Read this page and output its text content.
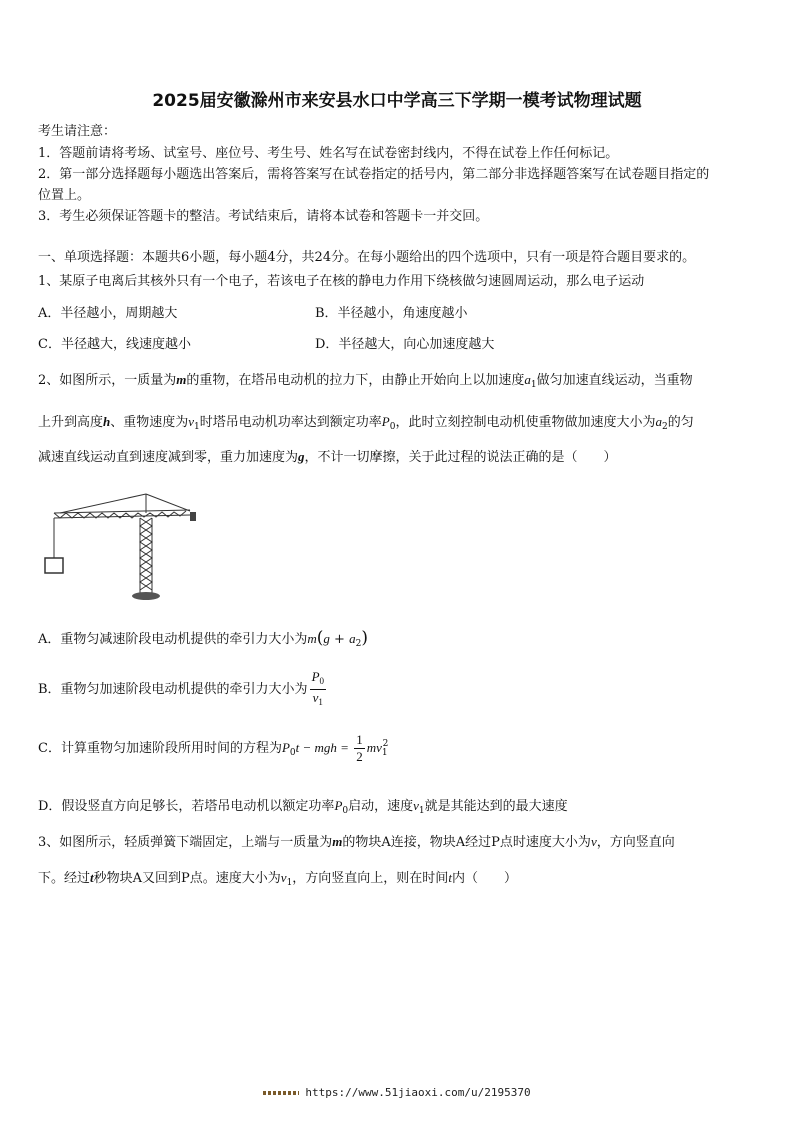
2025届安徽滁州市来安县水口中学高三下学期一模考试物理试题
考生请注意：
1．答题前请将考场、试室号、座位号、考生号、姓名写在试卷密封线内，不得在试卷上作任何标记。
2．第一部分选择题每小题选出答案后，需将答案写在试卷指定的括号内，第二部分非选择题答案写在试卷题目指定的
位置上。
3．考生必须保证答题卡的整洁。考试结束后，请将本试卷和答题卡一并交回。
一、单项选择题：本题共6小题，每小题4分，共24分。在每小题给出的四个选项中，只有一项是符合题目要求的。
1、某原子电离后其核外只有一个电子，若该电子在核的静电力作用下绕核做匀速圆周运动，那么电子运动
A．半径越小，周期越大	B．半径越小，角速度越小
C．半径越大，线速度越小	D．半径越大，向心加速度越大
2、如图所示，一质量为m的重物，在塔吊电动机的拉力下，由静止开始向上以加速度$a_1$做匀加速直线运动，当重物
上升到高度h、重物速度为$v_1$时塔吊电动机功率达到额定功率$P_0$，此时立刻控制电动机使重物做加速度大小为$a_2$的匀
减速直线运动直到速度减到零，重力加速度为g，不计一切摩擦，关于此过程的说法正确的是（　　）
A．重物匀减速阶段电动机提供的牵引力大小为$m(g + a_2)$
B．重物匀加速阶段电动机提供的牵引力大小为 $\frac{P_0}{v_1}$
C．计算重物匀加速阶段所用时间的方程为$P_0t$ − mgh = $\frac{1}{2} mv_1^2$
D．假设竖直方向足够长，若塔吊电动机以额定功率$P_0$启动，速度$v_1$就是其能达到的最大速度
3、如图所示，轻质弹簧下端固定，上端与一质量为m的物块A连接，物块A经过P点时速度大小为v，方向竖直向
下。经过t秒物块A又回到P点。速度大小为$v_1$，方向竖直向上，则在时间t内（　　）
https://www.51jiaoxi.com/u/2195370
